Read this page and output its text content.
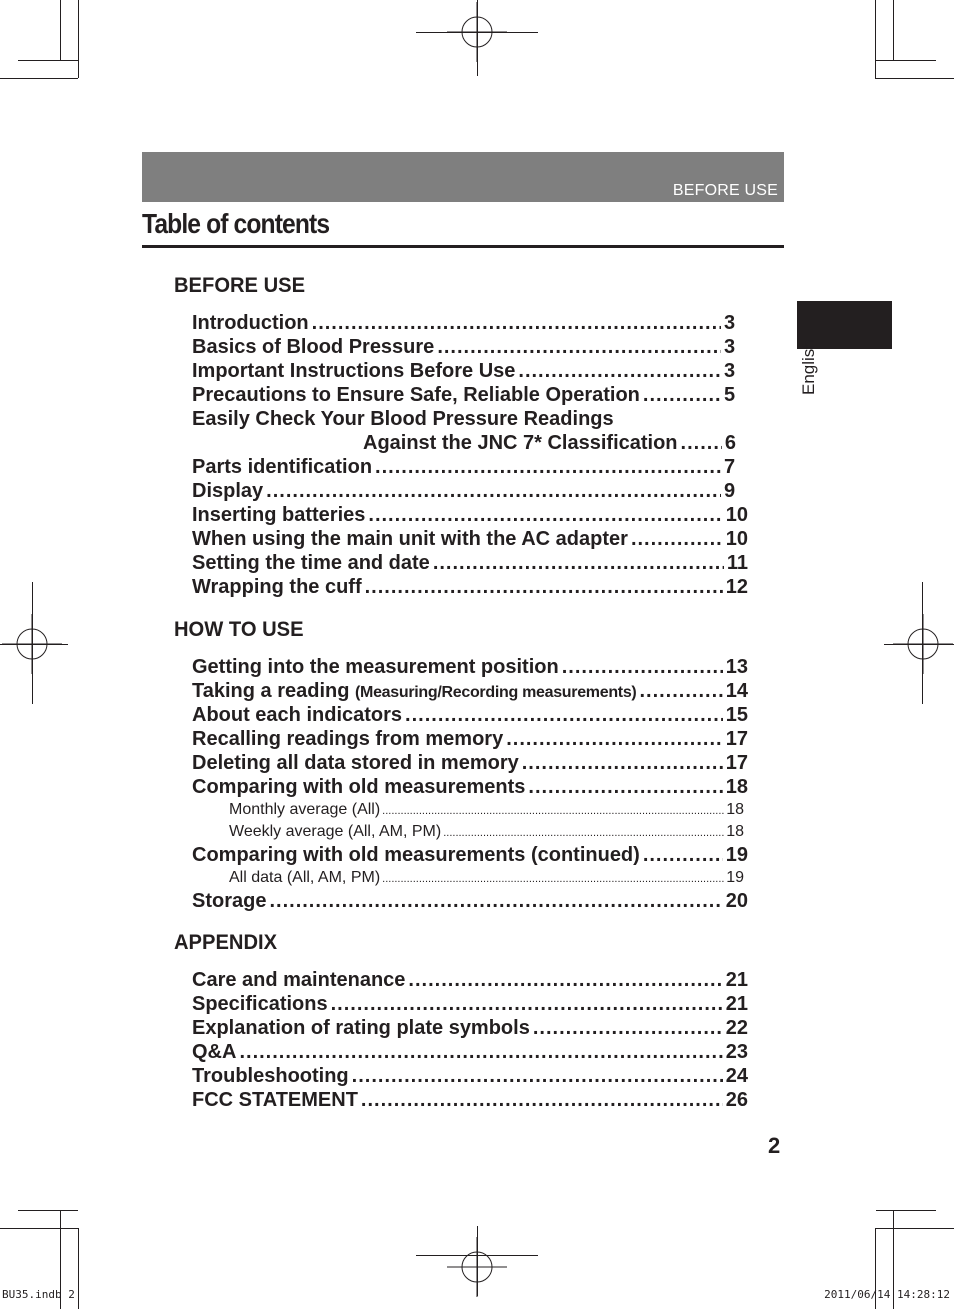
BEFORE USE
Table of contents
English
BEFORE USE
Introduction .....	3
Basics of Blood Pressure .....	3
Important Instructions Before Use .....	3
Precautions to Ensure Safe, Reliable Operation .....	5
Easily Check Your Blood Pressure Readings
Against the JNC 7* Classification ..... 6
Parts identification .....	7
Display .....	9
Inserting batteries .....	10
When using the main unit with the AC adapter .....	10
Setting the time and date .....	11
Wrapping the cuff .....	12
HOW TO USE
Getting into the measurement position .....	13
Taking a reading
(Measuring/Recording measurements) .....	14
About each indicators .....	15
Recalling readings from memory .....	17
Deleting all data stored in memory .....	17
Comparing with old measurements .....	18
Monthly average (All) .....	18
Weekly average (All, AM, PM) .....	18
Comparing with old measurements (continued) .....	19
All data (All, AM, PM) .....	19
Storage .....	20
APPENDIX
Care and maintenance .....	21
Specifications .....	21
Explanation of rating plate symbols .....	22
Q&A .....	23
Troubleshooting .....	24
FCC STATEMENT .....	26
2
BU35.indb 2	2011/06/14 14:28:12
